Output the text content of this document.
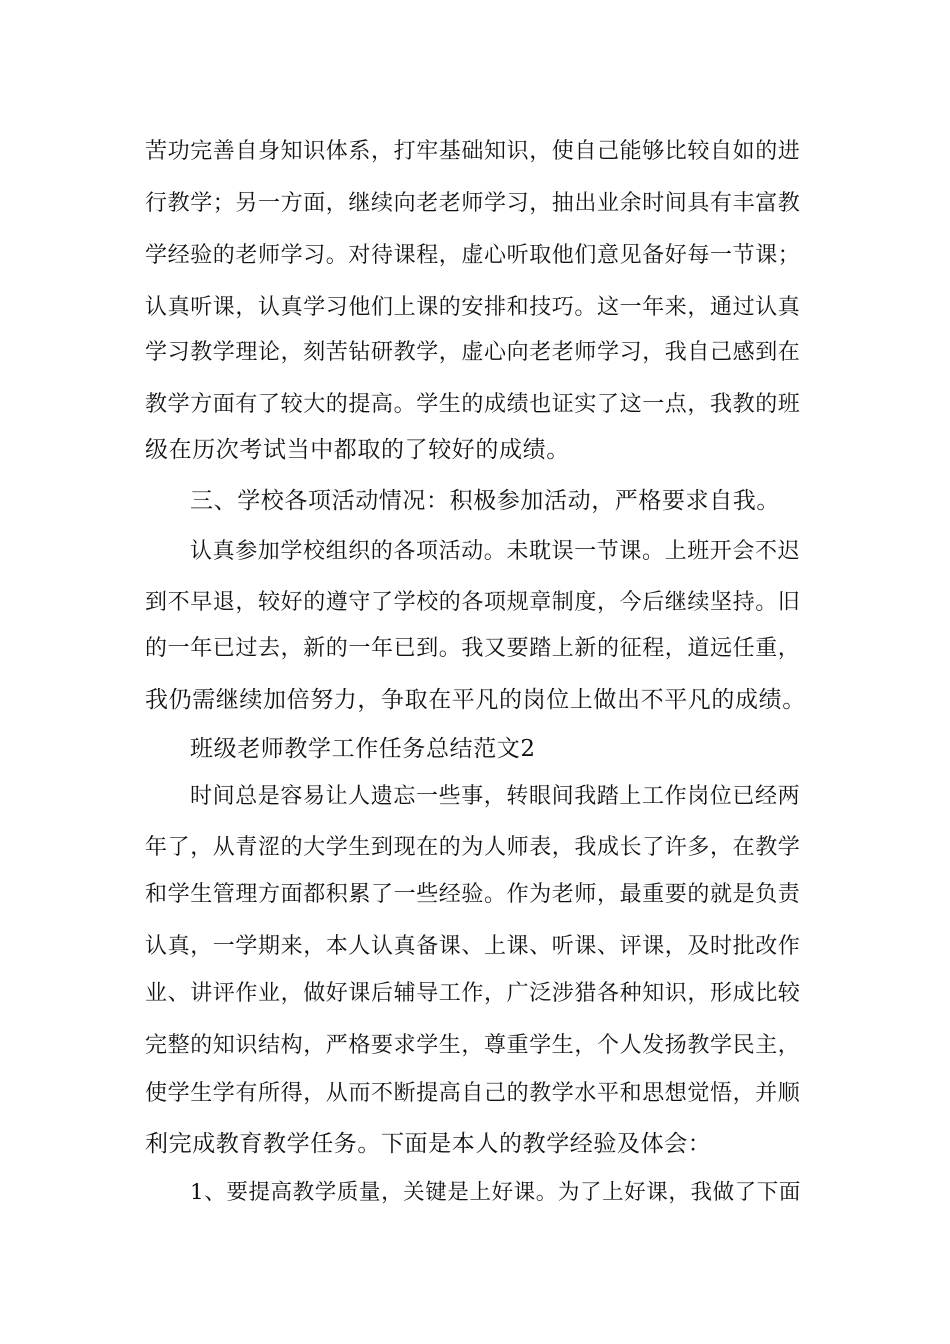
苦功完善自身知识体系，打牢基础知识，使自己能够比较自如的进
行教学；另一方面，继续向老老师学习，抽出业余时间具有丰富教
学经验的老师学习。对待课程，虚心听取他们意见备好每一节课；
认真听课，认真学习他们上课的安排和技巧。这一年来，通过认真
学习教学理论，刻苦钻研教学，虚心向老老师学习，我自己感到在
教学方面有了较大的提高。学生的成绩也证实了这一点，我教的班
级在历次考试当中都取的了较好的成绩。
三、学校各项活动情况：积极参加活动，严格要求自我。
认真参加学校组织的各项活动。未耽误一节课。上班开会不迟
到不早退，较好的遵守了学校的各项规章制度，今后继续坚持。旧
的一年已过去，新的一年已到。我又要踏上新的征程，道远任重，
我仍需继续加倍努力，争取在平凡的岗位上做出不平凡的成绩。
班级老师教学工作任务总结范文2
时间总是容易让人遗忘一些事，转眼间我踏上工作岗位已经两
年了，从青涩的大学生到现在的为人师表，我成长了许多，在教学
和学生管理方面都积累了一些经验。作为老师，最重要的就是负责
认真，一学期来，本人认真备课、上课、听课、评课，及时批改作
业、讲评作业，做好课后辅导工作，广泛涉猎各种知识，形成比较
完整的知识结构，严格要求学生，尊重学生，个人发扬教学民主，
使学生学有所得，从而不断提高自己的教学水平和思想觉悟，并顺
利完成教育教学任务。下面是本人的教学经验及体会：
1、要提高教学质量，关键是上好课。为了上好课，我做了下面
